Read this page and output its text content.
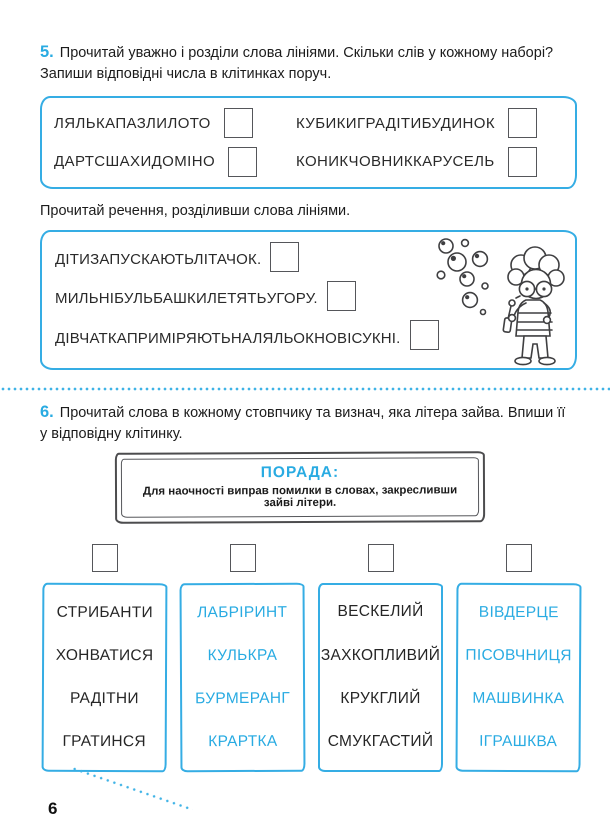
5. Прочитай уважно і розділи слова лініями. Скільки слів у кожному наборі? Запиши відповідні числа в клітинках поруч.

ЛЯЛЬКАПАЗЛИЛОТО	КУБИКИГРАДІТИБУДИНОК
ДАРТСШАХИДОМІНО	КОНИКЧОВНИККАРУСЕЛЬ

Прочитай речення, розділивши слова лініями.

ДІТИЗАПУСКАЮТЬЛІТАЧОК.
МИЛЬНІБУЛЬБАШКИЛЕТЯТЬУГОРУ.
ДІВЧАТКАПРИМІРЯЮТЬНАЛЯЛЬОКНОВІСУКНІ.

6. Прочитай слова в кожному стовпчику та визнач, яка літера зайва. Впиши її у відповідну клітинку.

ПОРАДА:
Для наочності виправ помилки в словах, закресливши зайві літери.
СТРИБАНТИ
ХОНВАТИСЯ
РАДІТНИ
ГРАТИНСЯ
ЛАБРІРИНТ
КУЛЬКРА
БУРМЕРАНГ
КРАРТКА
ВЕСКЕЛИЙ
ЗАХКОПЛИВИЙ
КРУКГЛИЙ
СМУКГАСТИЙ
ВІВДЕРЦЕ
ПІСОВЧНИЦЯ
МАШВИНКА
ІГРАШКВА
6
